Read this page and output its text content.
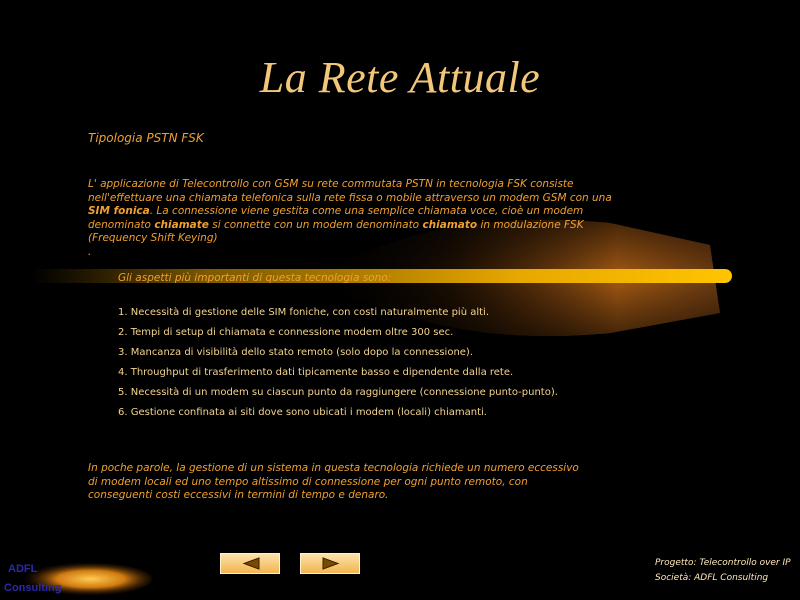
La Rete Attuale
Tipologia PSTN FSK
L' applicazione di Telecontrollo con GSM su rete commutata PSTN in tecnologia FSK consiste nell'effettuare una chiamata telefonica sulla rete fissa o mobile attraverso un modem GSM con una SIM fonica. La connessione viene gestita come una semplice chiamata voce, cioè un modem denominato chiamate si connette con un modem denominato chiamato in modulazione FSK (Frequency Shift Keying)
.
Gli aspetti più importanti di questa tecnologia sono:
1. Necessità di gestione delle SIM foniche, con costi naturalmente più alti.
2. Tempi di setup di chiamata e connessione modem oltre 300 sec.
3. Mancanza di visibilità dello stato remoto (solo dopo la connessione).
4. Throughput di trasferimento dati tipicamente basso e dipendente dalla rete.
5. Necessità di un modem su ciascun punto da raggiungere (connessione punto-punto).
6. Gestione confinata ai siti dove sono ubicati i modem (locali) chiamanti.
In poche parole, la gestione di un sistema in questa tecnologia richiede un numero eccessivo di modem locali ed uno tempo altissimo di connessione per ogni punto remoto, con conseguenti costi eccessivi in termini di tempo e denaro.
ADFL
Consulting
Progetto: Telecontrollo over IP
Società: ADFL Consulting
